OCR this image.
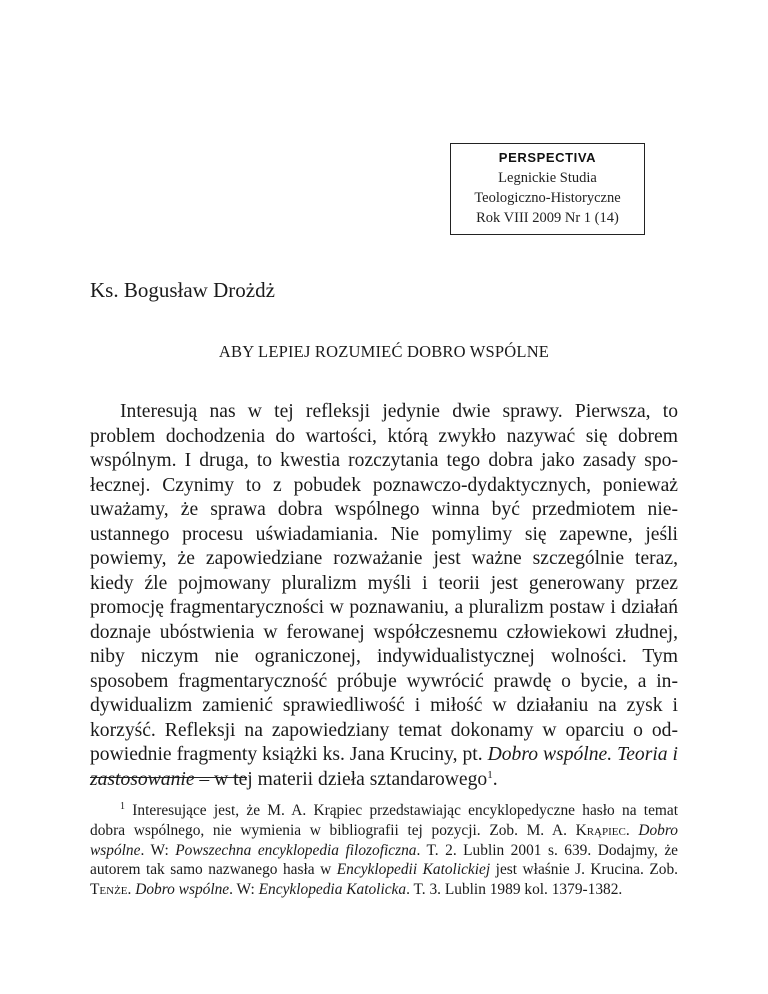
PERSPECTIVA
Legnickie Studia
Teologiczno-Historyczne
Rok VIII 2009 Nr 1 (14)
Ks. Bogusław Drożdż
ABY LEPIEJ ROZUMIEĆ DOBRO WSPÓLNE

Interesują nas w tej refleksji jedynie dwie sprawy. Pierwsza, to problem dochodzenia do wartości, którą zwykło nazywać się dobrem wspólnym. I druga, to kwestia rozczytania tego dobra jako zasady społecznej. Czynimy to z pobudek poznawczo-dydaktycznych, ponieważ uważamy, że sprawa dobra wspólnego winna być przedmiotem nieustannego procesu uświadamiania. Nie pomylimy się zapewne, jeśli powiemy, że zapowiedziane rozważanie jest ważne szczególnie teraz, kiedy źle pojmowany pluralizm myśli i teorii jest generowany przez promocję fragmentaryczności w poznawaniu, a pluralizm postaw i działań doznaje ubóstwienia w ferowanej współczesnemu człowiekowi złudnej, niby niczym nie ograniczonej, indywidualistycznej wolności. Tym sposobem fragmentaryczność próbuje wywrócić prawdę o bycie, a indywidualizm zamienić sprawiedliwość i miłość w działaniu na zysk i korzyść. Refleksji na zapowiedziany temat dokonamy w oparciu o odpowiednie fragmenty książki ks. Jana Kruciny, pt. Dobro wspólne. Teoria i zastosowanie – w tej materii dzieła sztandarowego$^1$.

$^1$ Interesujące jest, że M. A. Krąpiec przedstawiając encyklopedyczne hasło na temat dobra wspólnego, nie wymienia w bibliografii tej pozycji. Zob. M. A. Krąpiec. Dobro wspólne. W: Powszechna encyklopedia filozoficzna. T. 2. Lublin 2001 s. 639. Dodajmy, że autorem tak samo nazwanego hasła w Encyklopedii Katolickiej jest właśnie J. Krucina. Zob. Tenże. Dobro wspólne. W: Encyklopedia Katolicka. T. 3. Lublin 1989 kol. 1379-1382.
